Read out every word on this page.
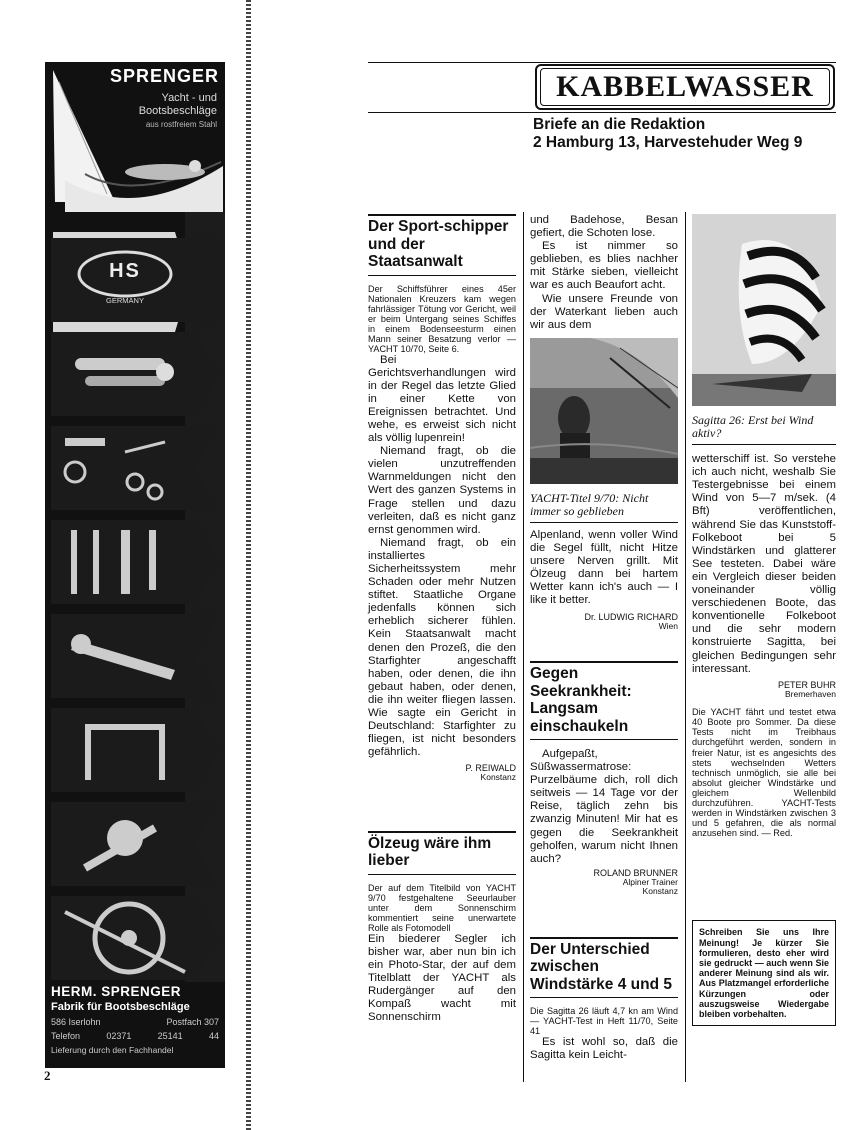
2
SPRENGER
Yacht - und
Bootsbeschläge
aus rostfreiem Stahl
HS
GERMANY
HERM. SPRENGER
Fabrik für Bootsbeschläge
586 Iserlohn	Postfach 307
Telefon	02371	25141	44
Lieferung durch den Fachhandel
KABBELWASSER
Briefe an die Redaktion
2 Hamburg 13, Harvestehuder Weg 9
Der Sport-schipper und der Staatsanwalt

Der Schiffsführer eines 45er Nationalen Kreuzers kam wegen fahrlässiger Tötung vor Gericht, weil er beim Untergang seines Schiffes in einem Bodenseesturm einen Mann seiner Besatzung verlor — YACHT 10/70, Seite 6.

Bei Gerichtsverhandlungen wird in der Regel das letzte Glied in einer Kette von Ereignissen betrachtet. Und wehe, es erweist sich nicht als völlig lupenrein!

Niemand fragt, ob die vielen unzutreffenden Warnmeldungen nicht den Wert des ganzen Systems in Frage stellen und dazu verleiten, daß es nicht ganz ernst genommen wird.

Niemand fragt, ob ein installiertes Sicherheitssystem mehr Schaden oder mehr Nutzen stiftet. Staatliche Organe jedenfalls können sich erheblich sicherer fühlen. Kein Staatsanwalt macht denen den Prozeß, die den Starfighter angeschafft haben, oder denen, die ihn gebaut haben, oder denen, die ihn weiter fliegen lassen. Wie sagte ein Gericht in Deutschland: Starfighter zu fliegen, ist nicht besonders gefährlich.

P. REIWALD
Konstanz
Ölzeug wäre ihm lieber

Der auf dem Titelbild von YACHT 9/70 festgehaltene Seeurlauber unter dem Sonnenschirm kommentiert seine unerwartete Rolle als Fotomodell

Ein biederer Segler ich bisher war, aber nun bin ich ein Photo-Star, der auf dem Titelblatt der YACHT als Rudergänger auf den Kompaß wacht mit Sonnenschirm

und Badehose, Besan gefiert, die Schoten lose.

Es ist nimmer so geblieben, es blies nachher mit Stärke sieben, vielleicht war es auch Beaufort acht.

Wie unsere Freunde von der Waterkant lieben auch wir aus dem

YACHT-Titel 9/70: Nicht immer so geblieben

Alpenland, wenn voller Wind die Segel füllt, nicht Hitze unsere Nerven grillt. Mit Ölzeug dann bei hartem Wetter kann ich's auch — I like it better.

Dr. LUDWIG RICHARD
Wien
Gegen Seekrankheit: Langsam einschaukeln

Aufgepaßt, Süßwassermatrose: Purzelbäume dich, roll dich seitweis — 14 Tage vor der Reise, täglich zehn bis zwanzig Minuten! Mir hat es gegen die Seekrankheit geholfen, warum nicht Ihnen auch?

ROLAND BRUNNER
Alpiner Trainer
Konstanz
Der Unterschied zwischen Windstärke 4 und 5

Die Sagitta 26 läuft 4,7 kn am Wind — YACHT-Test in Heft 11/70, Seite 41

Es ist wohl so, daß die Sagitta kein Leicht-

Sagitta 26: Erst bei Wind aktiv?

wetterschiff ist. So verstehe ich auch nicht, weshalb Sie Testergebnisse bei einem Wind von 5—7 m/sek. (4 Bft) veröffentlichen, während Sie das Kunststoff-Folkeboot bei 5 Windstärken und glatterer See testeten. Dabei wäre ein Vergleich dieser beiden voneinander völlig verschiedenen Boote, das konventionelle Folkeboot und die sehr modern konstruierte Sagitta, bei gleichen Bedingungen sehr interessant.

PETER BUHR
Bremerhaven

Die YACHT fährt und testet etwa 40 Boote pro Sommer. Da diese Tests nicht im Treibhaus durchgeführt werden, sondern in freier Natur, ist es angesichts des stets wechselnden Wetters technisch unmöglich, sie alle bei absolut gleicher Windstärke und gleichem Wellenbild durchzuführen. YACHT-Tests werden in Windstärken zwischen 3 und 5 gefahren, die als normal anzusehen sind. — Red.

Schreiben Sie uns Ihre Meinung! Je kürzer Sie formulieren, desto eher wird sie gedruckt — auch wenn Sie anderer Meinung sind als wir. Aus Platzmangel erforderliche Kürzungen oder auszugsweise Wiedergabe bleiben vorbehalten.
